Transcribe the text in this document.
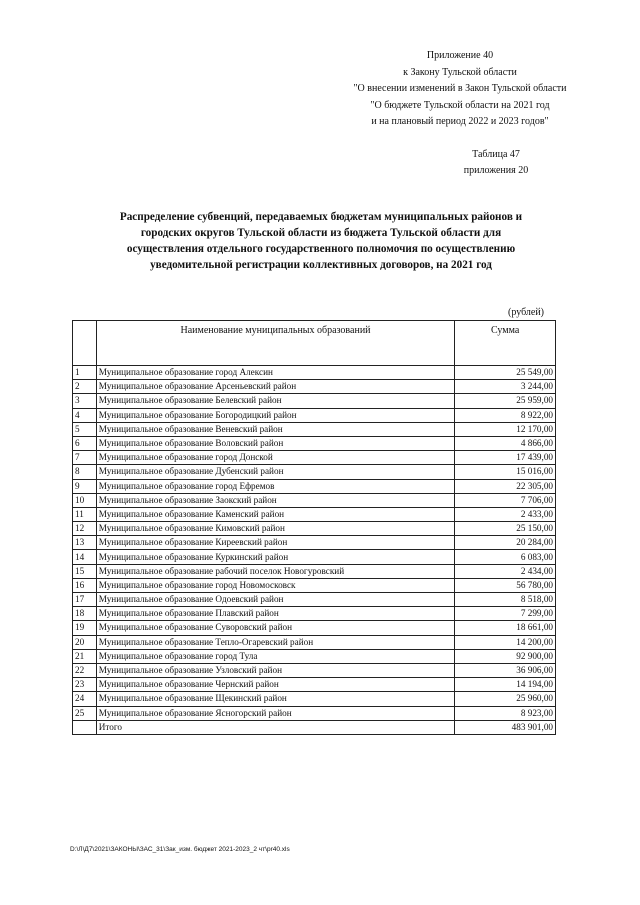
Приложение 40
к Закону Тульской области
"О внесении изменений в Закон Тульской области
"О бюджете Тульской области на 2021 год
и на плановый период 2022 и 2023 годов"
Таблица 47
приложения 20
Распределение субвенций, передаваемых бюджетам муниципальных районов и
городских округов Тульской области из бюджета Тульской области для
осуществления отдельного государственного полномочия по осуществлению
уведомительной регистрации коллективных договоров, на 2021 год
(рублей)
	Наименование муниципальных образований	Сумма
1	Муниципальное образование город Алексин	25 549,00
2	Муниципальное образование Арсеньевский район	3 244,00
3	Муниципальное образование Белевский район	25 959,00
4	Муниципальное образование Богородицкий район	8 922,00
5	Муниципальное образование Веневский район	12 170,00
6	Муниципальное образование Воловский район	4 866,00
7	Муниципальное образование город Донской	17 439,00
8	Муниципальное образование Дубенский район	15 016,00
9	Муниципальное образование город Ефремов	22 305,00
10	Муниципальное образование Заокский район	7 706,00
11	Муниципальное образование Каменский район	2 433,00
12	Муниципальное образование Кимовский район	25 150,00
13	Муниципальное образование Киреевский район	20 284,00
14	Муниципальное образование Куркинский район	6 083,00
15	Муниципальное образование рабочий поселок Новогуровский	2 434,00
16	Муниципальное образование город Новомосковск	56 780,00
17	Муниципальное образование Одоевский район	8 518,00
18	Муниципальное образование Плавский район	7 299,00
19	Муниципальное образование Суворовский район	18 661,00
20	Муниципальное образование Тепло-Огаревский район	14 200,00
21	Муниципальное образование город Тула	92 900,00
22	Муниципальное образование Узловский район	36 906,00
23	Муниципальное образование Чернский район	14 194,00
24	Муниципальное образование Щекинский район	25 960,00
25	Муниципальное образование Ясногорский район	8 923,00
	Итого	483 901,00
D:\Л\Д7\2021\ЗАКОНЫ\ЗАС_31\Зак_изм. бюджет 2021-2023_2 чт\pr40.xls
